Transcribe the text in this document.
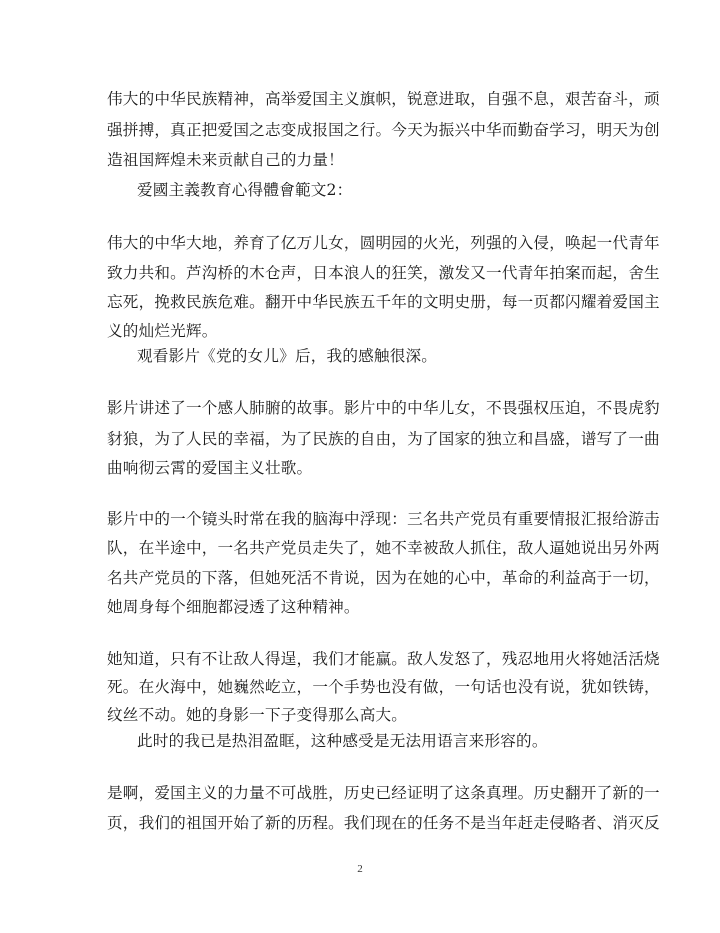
伟大的中华民族精神，高举爱国主义旗帜，锐意进取，自强不息，艰苦奋斗，顽
强拼搏，真正把爱国之志变成报国之行。今天为振兴中华而勤奋学习，明天为创
造祖国辉煌未来贡献自己的力量！
爱國主義教育心得體會範文2：
伟大的中华大地，养育了亿万儿女，圆明园的火光，列强的入侵，唤起一代青年
致力共和。芦沟桥的木仓声，日本浪人的狂笑，激发又一代青年拍案而起，舍生
忘死，挽救民族危难。翻开中华民族五千年的文明史册，每一页都闪耀着爱国主
义的灿烂光辉。
观看影片《党的女儿》后，我的感触很深。
影片讲述了一个感人肺腑的故事。影片中的中华儿女，不畏强权压迫，不畏虎豹
豺狼，为了人民的幸福，为了民族的自由，为了国家的独立和昌盛，谱写了一曲
曲响彻云霄的爱国主义壮歌。
影片中的一个镜头时常在我的脑海中浮现：三名共产党员有重要情报汇报给游击
队，在半途中，一名共产党员走失了，她不幸被敌人抓住，敌人逼她说出另外两
名共产党员的下落，但她死活不肯说，因为在她的心中，革命的利益高于一切，
她周身每个细胞都浸透了这种精神。
她知道，只有不让敌人得逞，我们才能赢。敌人发怒了，残忍地用火将她活活烧
死。在火海中，她巍然屹立，一个手势也没有做，一句话也没有说，犹如铁铸，
纹丝不动。她的身影一下子变得那么高大。
此时的我已是热泪盈眶，这种感受是无法用语言来形容的。
是啊，爱国主义的力量不可战胜，历史已经证明了这条真理。历史翻开了新的一
页，我们的祖国开始了新的历程。我们现在的任务不是当年赶走侵略者、消灭反
2
